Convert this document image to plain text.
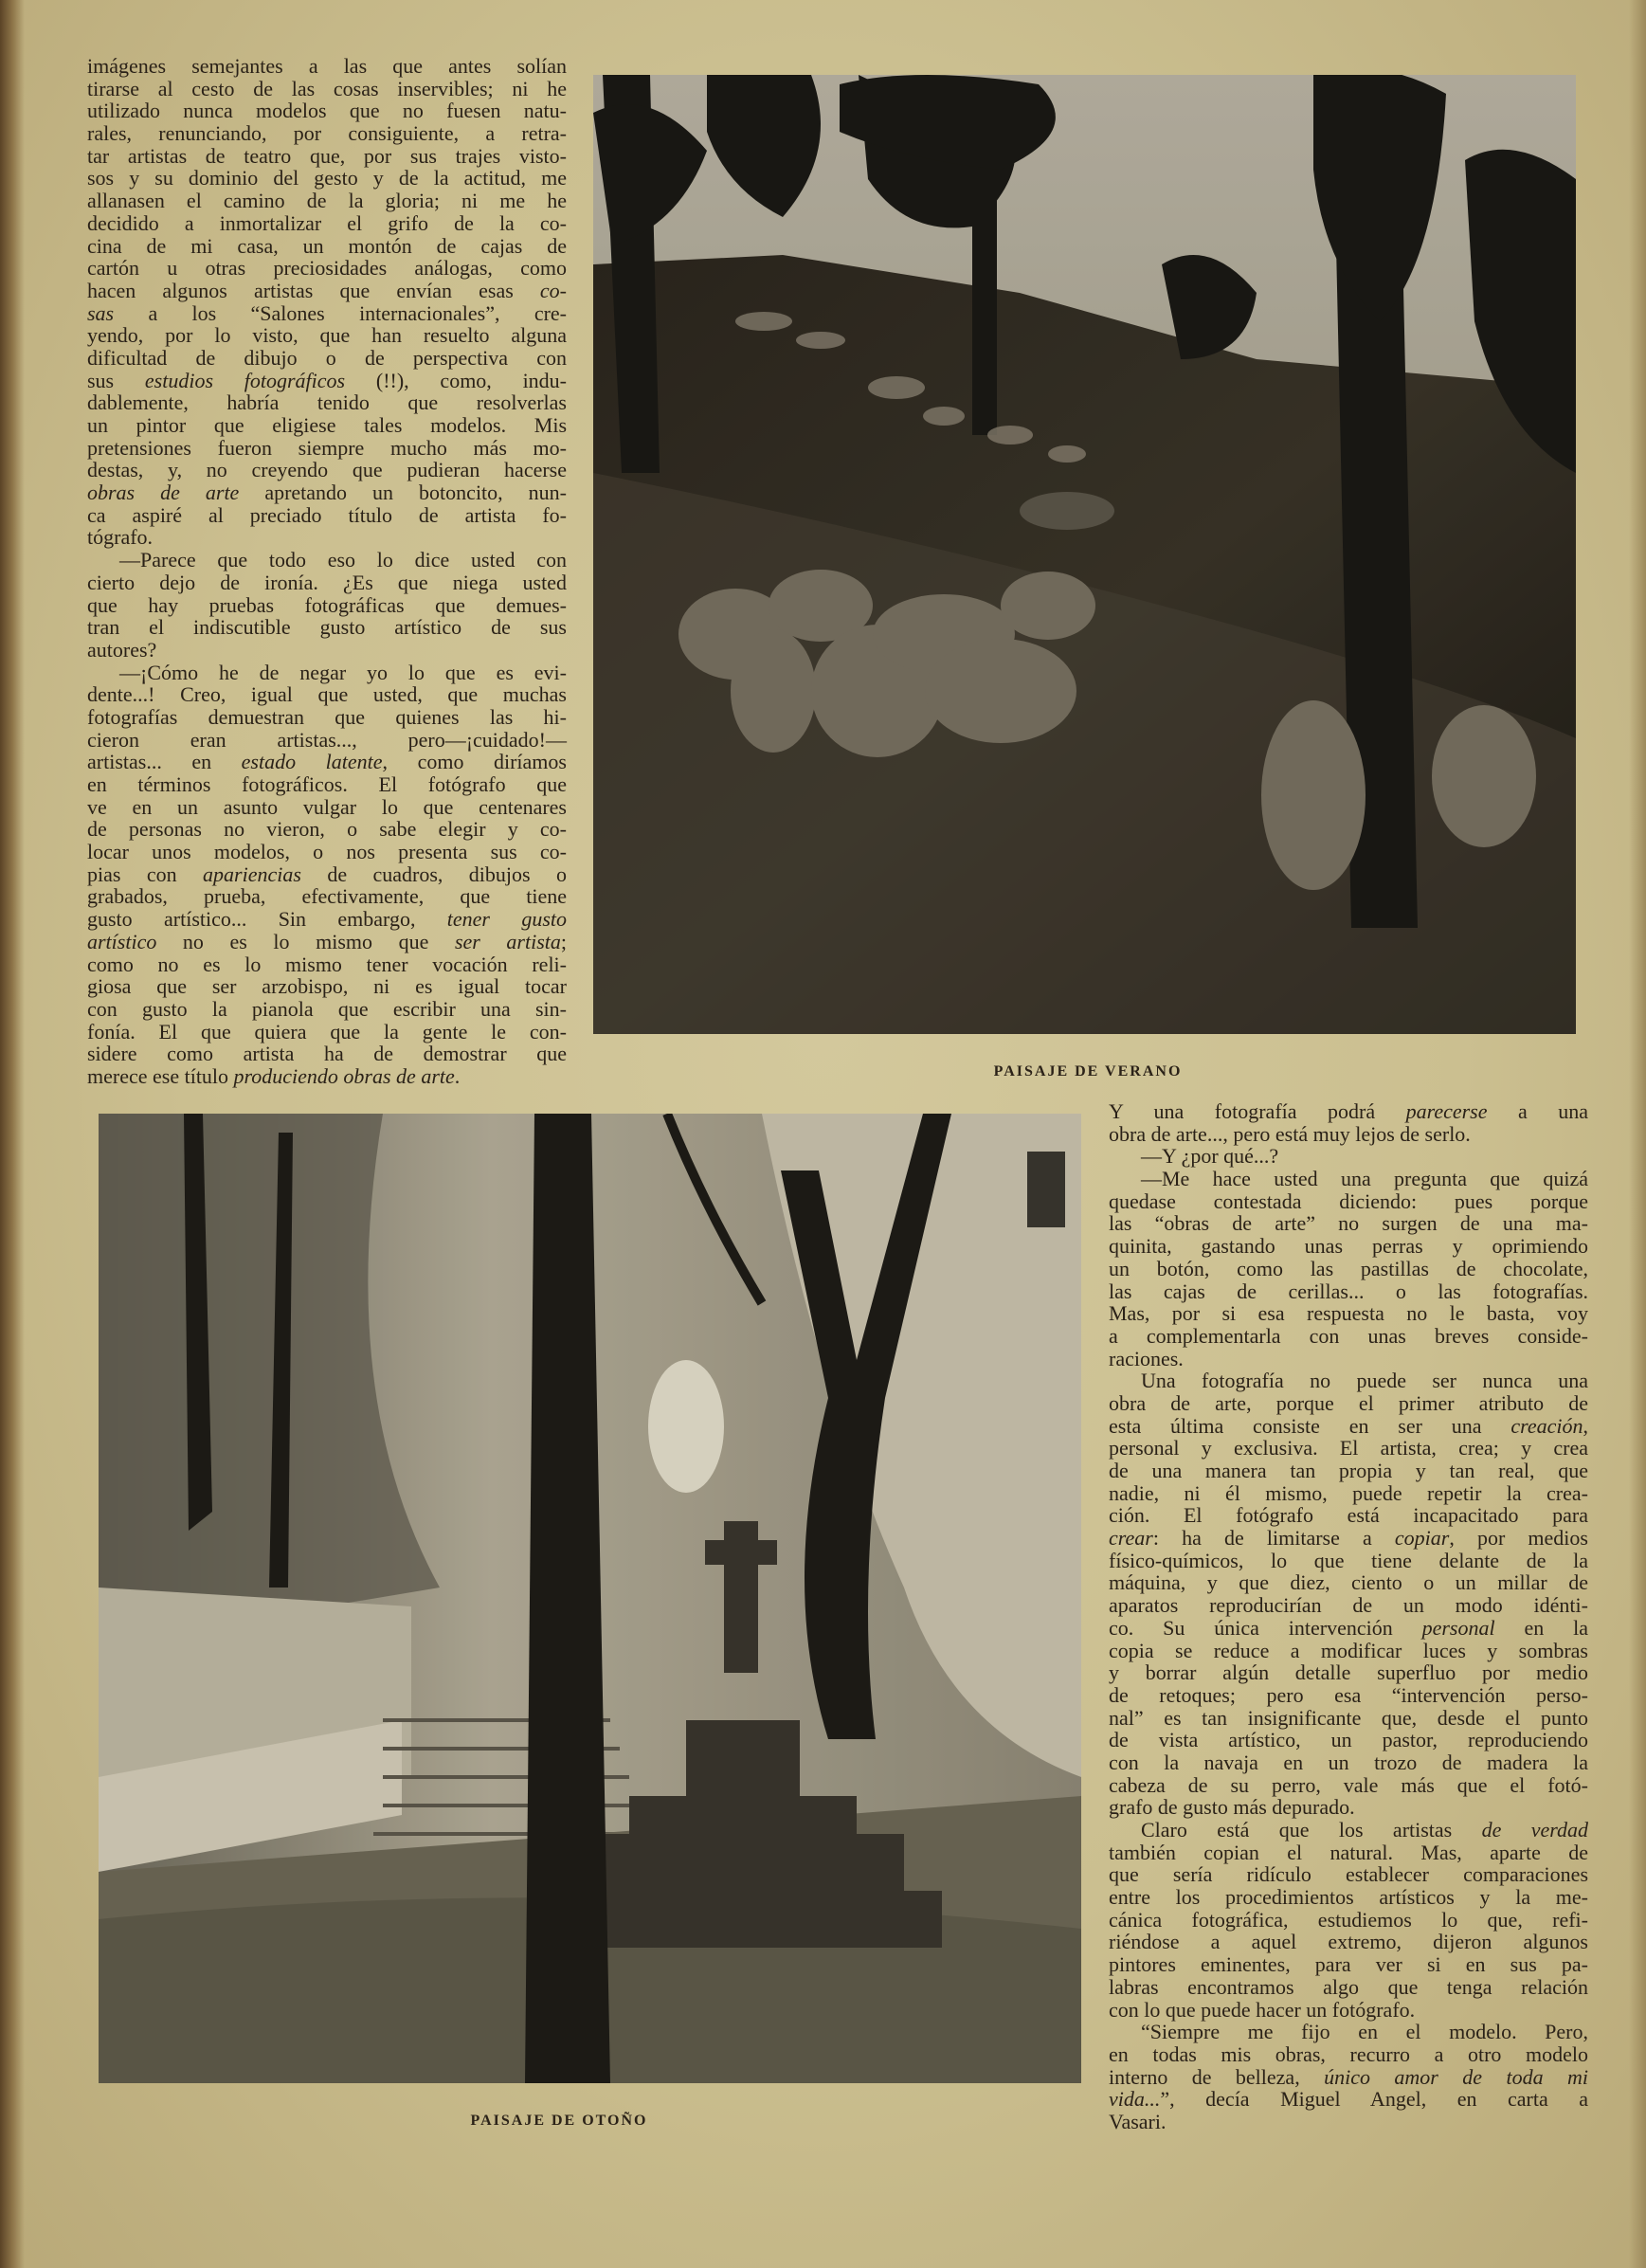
imágenes semejantes a las que antes solían
tirarse al cesto de las cosas inservibles; ni he
utilizado nunca modelos que no fuesen natu-
rales, renunciando, por consiguiente, a retra-
tar artistas de teatro que, por sus trajes visto-
sos y su dominio del gesto y de la actitud, me
allanasen el camino de la gloria; ni me he
decidido a inmortalizar el grifo de la co-
cina de mi casa, un montón de cajas de
cartón u otras preciosidades análogas, como
hacen algunos artistas que envían esas co-
sas a los “Salones internacionales”, cre-
yendo, por lo visto, que han resuelto alguna
dificultad de dibujo o de perspectiva con
sus estudios fotográficos (!!), como, indu-
dablemente, habría tenido que resolverlas
un pintor que eligiese tales modelos. Mis
pretensiones fueron siempre mucho más mo-
destas, y, no creyendo que pudieran hacerse
obras de arte apretando un botoncito, nun-
ca aspiré al preciado título de artista fo-
tógrafo.
—Parece que todo eso lo dice usted con
cierto dejo de ironía. ¿Es que niega usted
que hay pruebas fotográficas que demues-
tran el indiscutible gusto artístico de sus
autores?
—¡Cómo he de negar yo lo que es evi-
dente...! Creo, igual que usted, que muchas
fotografías demuestran que quienes las hi-
cieron eran artistas..., pero—¡cuidado!—
artistas... en estado latente, como diríamos
en términos fotográficos. El fotógrafo que
ve en un asunto vulgar lo que centenares
de personas no vieron, o sabe elegir y co-
locar unos modelos, o nos presenta sus co-
pias con apariencias de cuadros, dibujos o
grabados, prueba, efectivamente, que tiene
gusto artístico... Sin embargo, tener gusto
artístico no es lo mismo que ser artista;
como no es lo mismo tener vocación reli-
giosa que ser arzobispo, ni es igual tocar
con gusto la pianola que escribir una sin-
fonía. El que quiera que la gente le con-
sidere como artista ha de demostrar que
merece ese título produciendo obras de arte.	PAISAJE DE VERANO
PAISAJE DE OTOÑO
Y una fotografía podrá parecerse a una
obra de arte..., pero está muy lejos de serlo.
—Y ¿por qué...?
—Me hace usted una pregunta que quizá
quedase contestada diciendo: pues porque
las “obras de arte” no surgen de una ma-
quinita, gastando unas perras y oprimiendo
un botón, como las pastillas de chocolate,
las cajas de cerillas... o las fotografías.
Mas, por si esa respuesta no le basta, voy
a complementarla con unas breves conside-
raciones.
Una fotografía no puede ser nunca una
obra de arte, porque el primer atributo de
esta última consiste en ser una creación,
personal y exclusiva. El artista, crea; y crea
de una manera tan propia y tan real, que
nadie, ni él mismo, puede repetir la crea-
ción. El fotógrafo está incapacitado para
crear: ha de limitarse a copiar, por medios
físico-químicos, lo que tiene delante de la
máquina, y que diez, ciento o un millar de
aparatos reproducirían de un modo idénti-
co. Su única intervención personal en la
copia se reduce a modificar luces y sombras
y borrar algún detalle superfluo por medio
de retoques; pero esa “intervención perso-
nal” es tan insignificante que, desde el punto
de vista artístico, un pastor, reproduciendo
con la navaja en un trozo de madera la
cabeza de su perro, vale más que el fotó-
grafo de gusto más depurado.
Claro está que los artistas de verdad
también copian el natural. Mas, aparte de
que sería ridículo establecer comparaciones
entre los procedimientos artísticos y la me-
cánica fotográfica, estudiemos lo que, refi-
riéndose a aquel extremo, dijeron algunos
pintores eminentes, para ver si en sus pa-
labras encontramos algo que tenga relación
con lo que puede hacer un fotógrafo.
“Siempre me fijo en el modelo. Pero,
en todas mis obras, recurro a otro modelo
interno de belleza, único amor de toda mi
vida...”, decía Miguel Angel, en carta a
Vasari.
